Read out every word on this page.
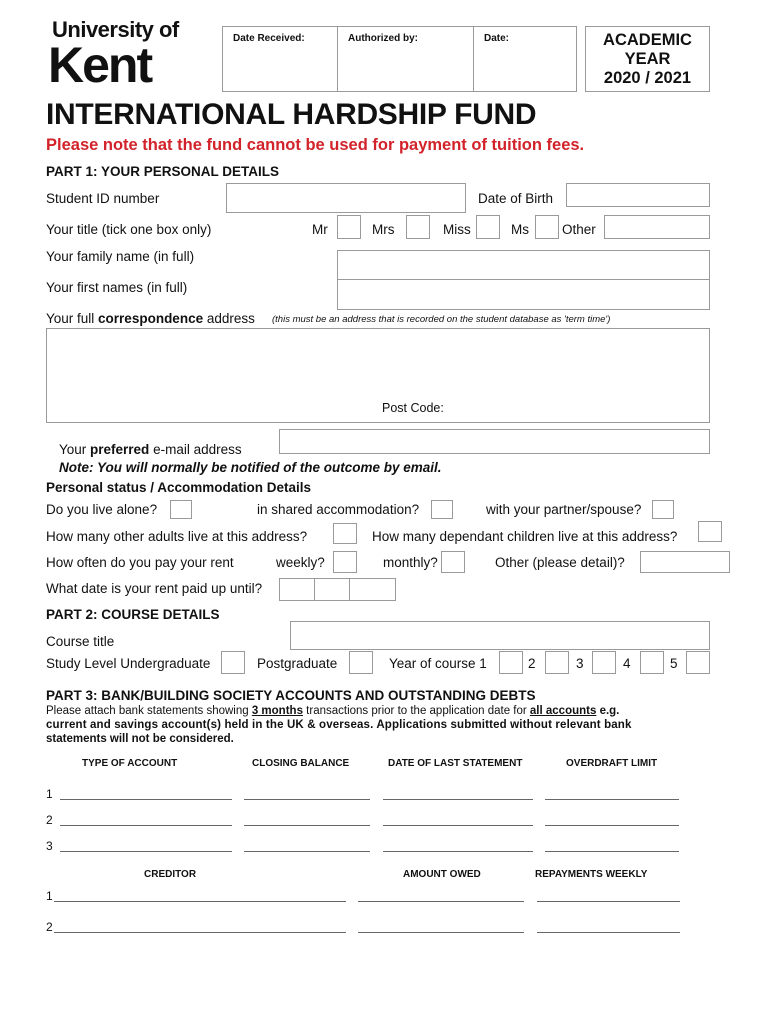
University of
Kent	Date Received:	Authorized by:	Date:	ACADEMIC
YEAR
2020 / 2021
INTERNATIONAL HARDSHIP FUND
Please note that the fund cannot be used for payment of tuition fees.
PART 1: YOUR PERSONAL DETAILS
Student ID number	Date of Birth
Your title (tick one box only)	Mr	Mrs	Miss	Ms Other
Your family name (in full)
Your first names (in full)
Your full correspondence address (this must be an address that is recorded on the student database as 'term time')
Post Code:
Your preferred e-mail address
Note: You will normally be notified of the outcome by email.
Personal status / Accommodation Details
Do you live alone?	in shared accommodation?	with your partner/spouse?
How many other adults live at this address?	How many dependant children live at this address?
How often do you pay your rent	weekly?	monthly?	Other (please detail)?
What date is your rent paid up until?
PART 2: COURSE DETAILS
Course title
Study Level Undergraduate	Postgraduate	Year of course 1	2	3	4	5
PART 3: BANK/BUILDING SOCIETY ACCOUNTS AND OUTSTANDING DEBTS
Please attach bank statements showing 3 months transactions prior to the application date for all accounts e.g.
current and savings account(s) held in the UK & overseas. Applications submitted without relevant bank
statements will not be considered.
TYPE OF ACCOUNT	CLOSING BALANCE	DATE OF LAST STATEMENT	OVERDRAFT LIMIT
1
2
3
CREDITOR	AMOUNT OWED	REPAYMENTS WEEKLY
1
2
